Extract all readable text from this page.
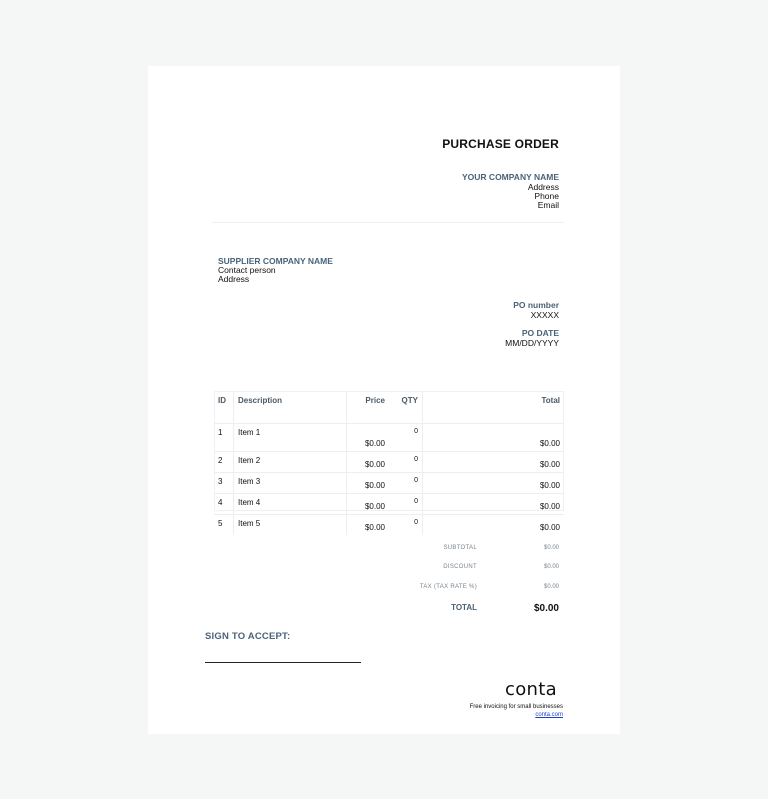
PURCHASE ORDER
YOUR COMPANY NAME
Address
Phone
Email
SUPPLIER COMPANY NAME
Contact person
Address
PO number
XXXXX
PO DATE
MM/DD/YYYY
ID	Description	Price	QTY	Total
1	Item 1	$0.00	0	$0.00
2	Item 2	$0.00	0	$0.00
3	Item 3	$0.00	0	$0.00
4	Item 4	$0.00	0	$0.00
5	Item 5	$0.00	0	$0.00
SUBTOTAL	$0.00
DISCOUNT	$0.00
TAX (TAX RATE %)	$0.00
TOTAL	$0.00
SIGN TO ACCEPT:
conta
Free invoicing for small businesses
conta.com
